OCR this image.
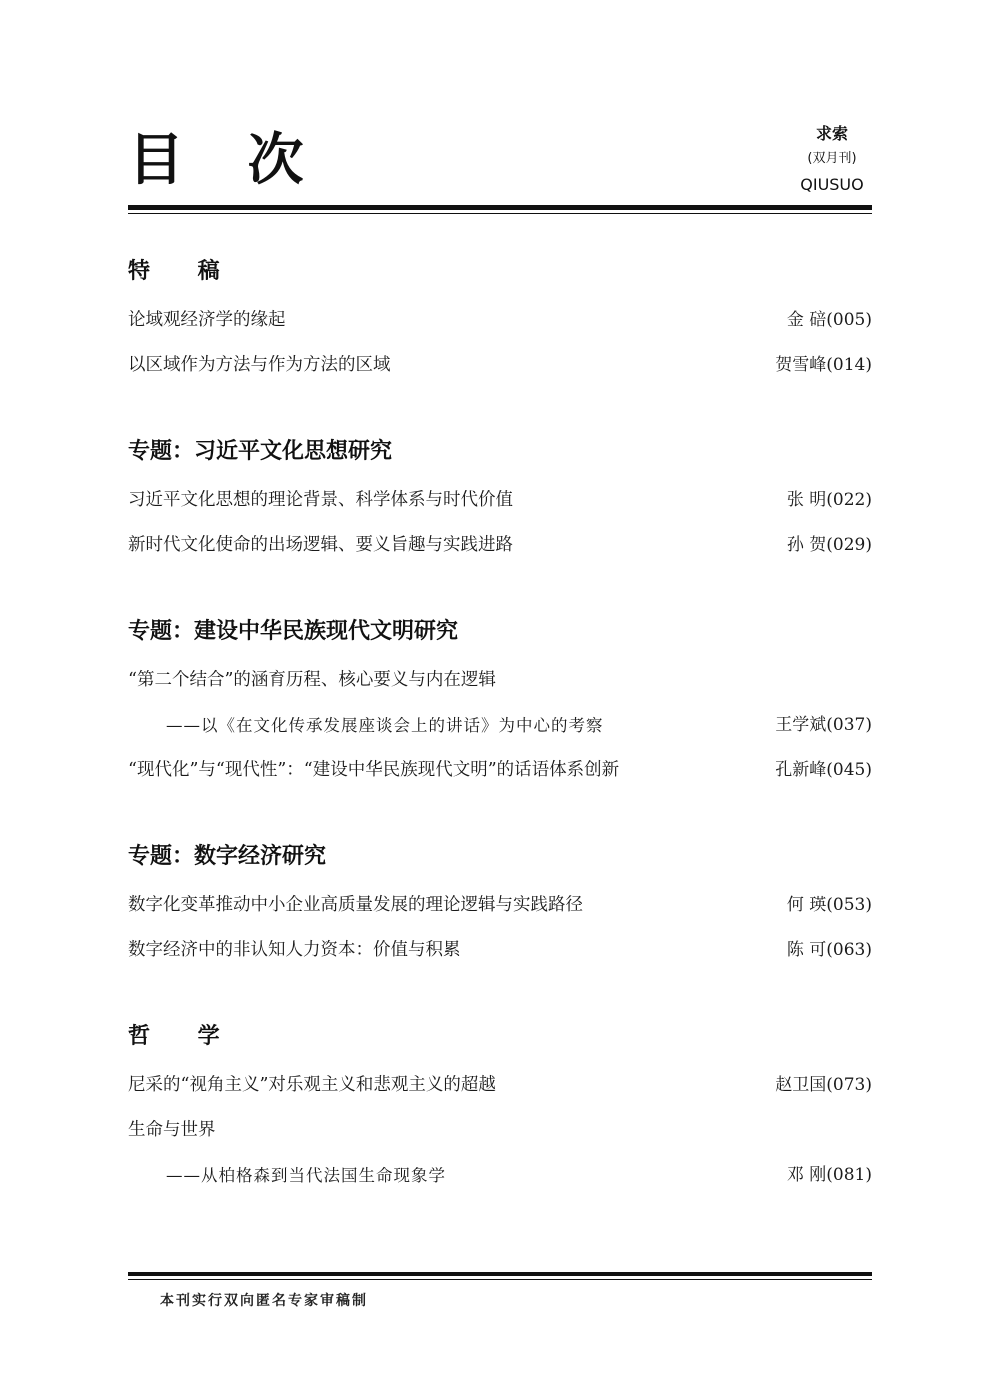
目 次	求索
(双月刊)
QIUSUO
特 稿
论域观经济学的缘起	金 碚(005)
以区域作为方法与作为方法的区域	贺雪峰(014)
专题：习近平文化思想研究
习近平文化思想的理论背景、科学体系与时代价值	张 明(022)
新时代文化使命的出场逻辑、要义旨趣与实践进路	孙 贺(029)
专题：建设中华民族现代文明研究
“第二个结合”的涵育历程、核心要义与内在逻辑
——以《在文化传承发展座谈会上的讲话》为中心的考察	王学斌(037)
“现代化”与“现代性”：“建设中华民族现代文明”的话语体系创新	孔新峰(045)
专题：数字经济研究
数字化变革推动中小企业高质量发展的理论逻辑与实践路径	何 瑛(053)
数字经济中的非认知人力资本：价值与积累	陈 可(063)
哲 学
尼采的“视角主义”对乐观主义和悲观主义的超越	赵卫国(073)
生命与世界
——从柏格森到当代法国生命现象学	邓 刚(081)
本刊实行双向匿名专家审稿制
